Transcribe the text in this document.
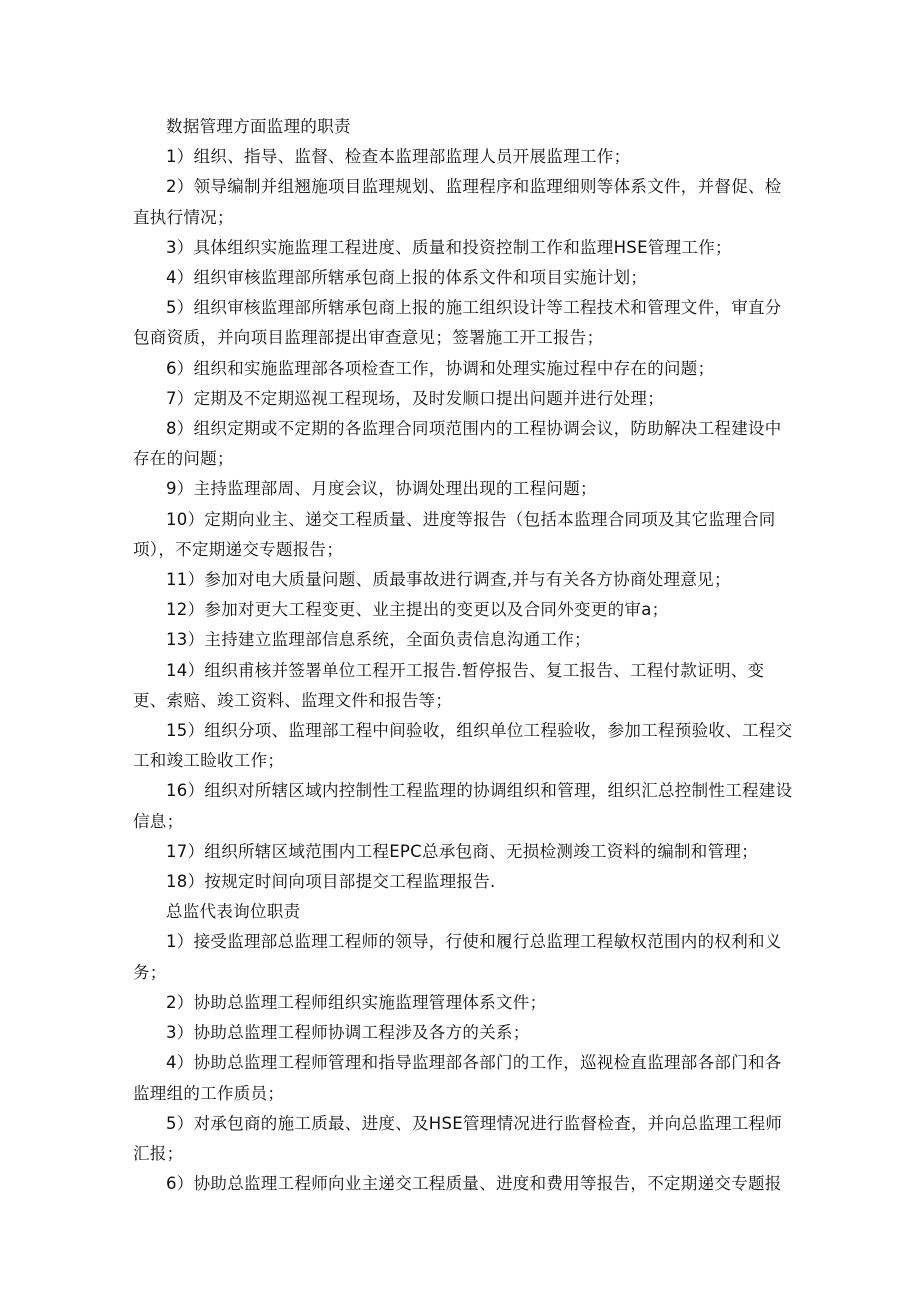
数据管理方面监理的职责

1）组织、指导、监督、检查本监理部监理人员开展监理工作；

2）领导编制并组翘施项目监理规划、监理程序和监理细则等体系文件，并督促、检直执行情况；

3）具体组织实施监理工程进度、质量和投资控制工作和监理HSE管理工作；

4）组织审核监理部所辖承包商上报的体系文件和项目实施计划；

5）组织审核监理部所辖承包商上报的施工组织设计等工程技术和管理文件，审直分包商资质，并向项目监理部提出审查意见；签署施工开工报告；

6）组织和实施监理部各项检查工作，协调和处理实施过程中存在的问题；

7）定期及不定期巡视工程现场，及时发顺口提出问题并进行处理；

8）组织定期或不定期的各监理合同项范围内的工程协调会议，防助解决工程建设中存在的问题；

9）主持监理部周、月度会议，协调处理出现的工程问题；

10）定期向业主、递交工程质量、进度等报告（包括本监理合同项及其它监理合同项），不定期递交专题报告；

11）参加对电大质量问题、质最事故进行调查,并与有关各方协商处理意见；

12）参加对更大工程变更、业主提出的变更以及合同外变更的审a；

13）主持建立监理部信息系统，全面负责信息沟通工作；

14）组织甫核并签署单位工程开工报告.暂停报告、复工报告、工程付款证明、变更、索赔、竣工资料、监理文件和报告等；

15）组织分项、监理部工程中间验收，组织单位工程验收，参加工程预验收、工程交工和竣工睑收工作；

16）组织对所辖区域内控制性工程监理的协调组织和管理，组织汇总控制性工程建设信息；

17）组织所辖区域范围内工程EPC总承包商、无损检测竣工资料的编制和管理；

18）按规定时间向项目部提交工程监理报告.

总监代表询位职责

1）接受监理部总监理工程师的领导，行使和履行总监理工程敏权范围内的权利和义务；

2）协助总监理工程师组织实施监理管理体系文件；

3）协助总监理工程师协调工程涉及各方的关系；

4）协助总监理工程师管理和指导监理部各部门的工作，巡视检直监理部各部门和各监理组的工作质员；

5）对承包商的施工质最、进度、及HSE管理情况进行监督检査，并向总监理工程师汇报；

6）协助总监理工程师向业主递交工程质量、进度和费用等报告，不定期递交专题报
